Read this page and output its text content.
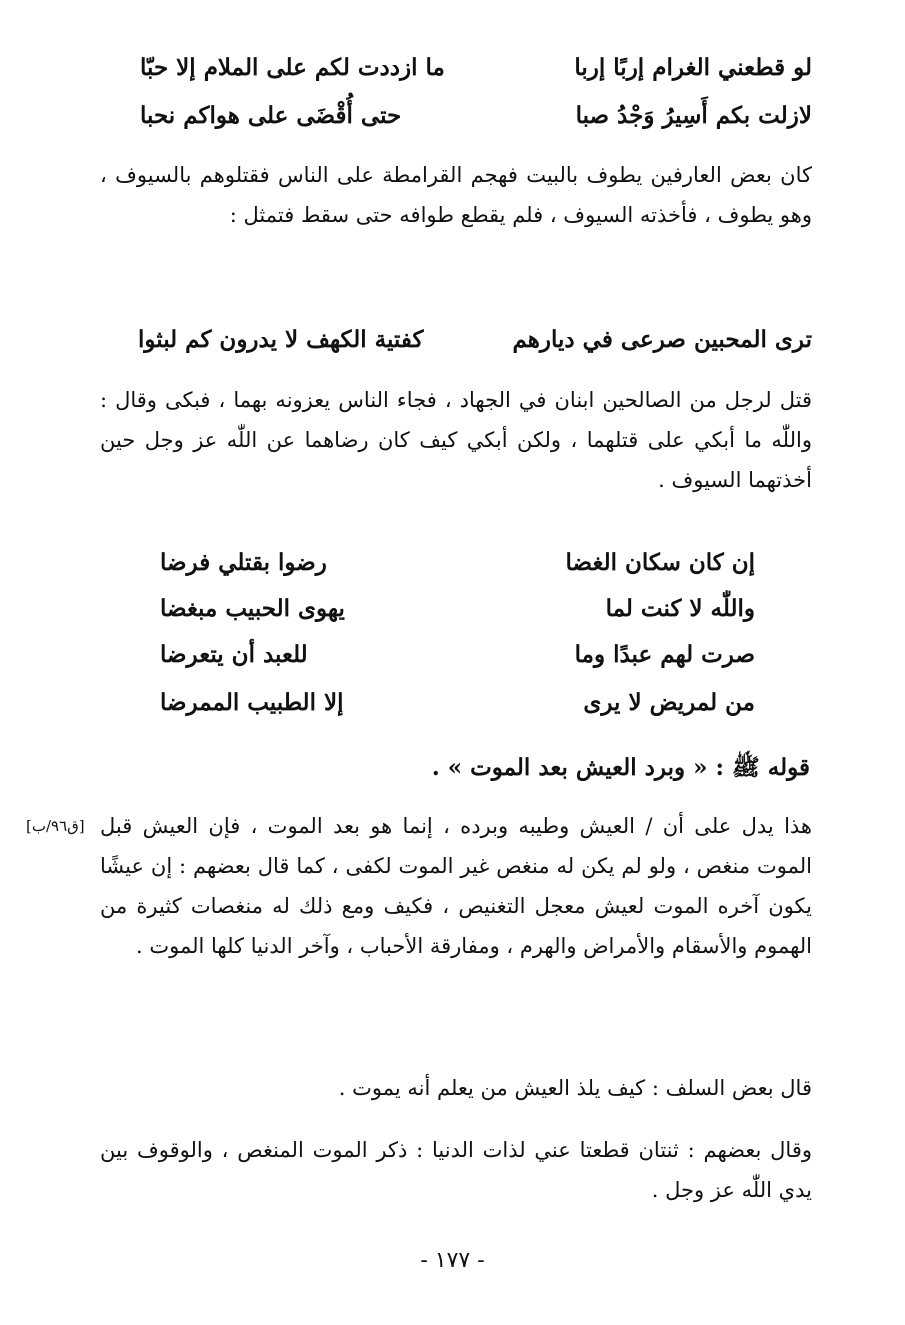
لو قطعني الغرام إربًا إربا
ما ازددت لكم على الملام إلا حبّا
لازلت بكم أَسِيرُ وَجْدُ صبا
حتى أُقْضَى على هواكم نحبا

كان بعض العارفين يطوف بالبيت فهجم القرامطة على الناس فقتلوهم بالسيوف ، وهو يطوف ، فأخذته السيوف ، فلم يقطع طوافه حتى سقط فتمثل :

ترى المحبين صرعى في ديارهم
كفتية الكهف لا يدرون كم لبثوا

قتل لرجل من الصالحين ابنان في الجهاد ، فجاء الناس يعزونه بهما ، فبكى وقال : واللّٰه ما أبكي على قتلهما ، ولكن أبكي كيف كان رضاهما عن اللّٰه عز وجل حين أخذتهما السيوف .

إن كان سكان الغضا
رضوا بقتلي فرضا
واللّٰه لا كنت لما
يهوى الحبيب مبغضا
صرت لهم عبدًا وما
للعبد أن يتعرضا
من لمريض لا يرى
إلا الطبيب الممرضا
قوله ﷺ : « وبرد العيش بعد الموت » .
[ق٩٦/ب] هذا يدل على أن / العيش وطيبه وبرده ، إنما هو بعد الموت ، فإن العيش قبل الموت منغص ، ولو لم يكن له منغص غير الموت لكفى ، كما قال بعضهم : إن عيشًا يكون آخره الموت لعيش معجل التغنيص ، فكيف ومع ذلك له منغصات كثيرة من الهموم والأسقام والأمراض والهرم ، ومفارقة الأحباب ، وآخر الدنيا كلها الموت .

قال بعض السلف : كيف يلذ العيش من يعلم أنه يموت .

وقال بعضهم : ثنتان قطعتا عني لذات الدنيا : ذكر الموت المنغص ، والوقوف بين يدي اللّٰه عز وجل .

- ١٧٧ -
